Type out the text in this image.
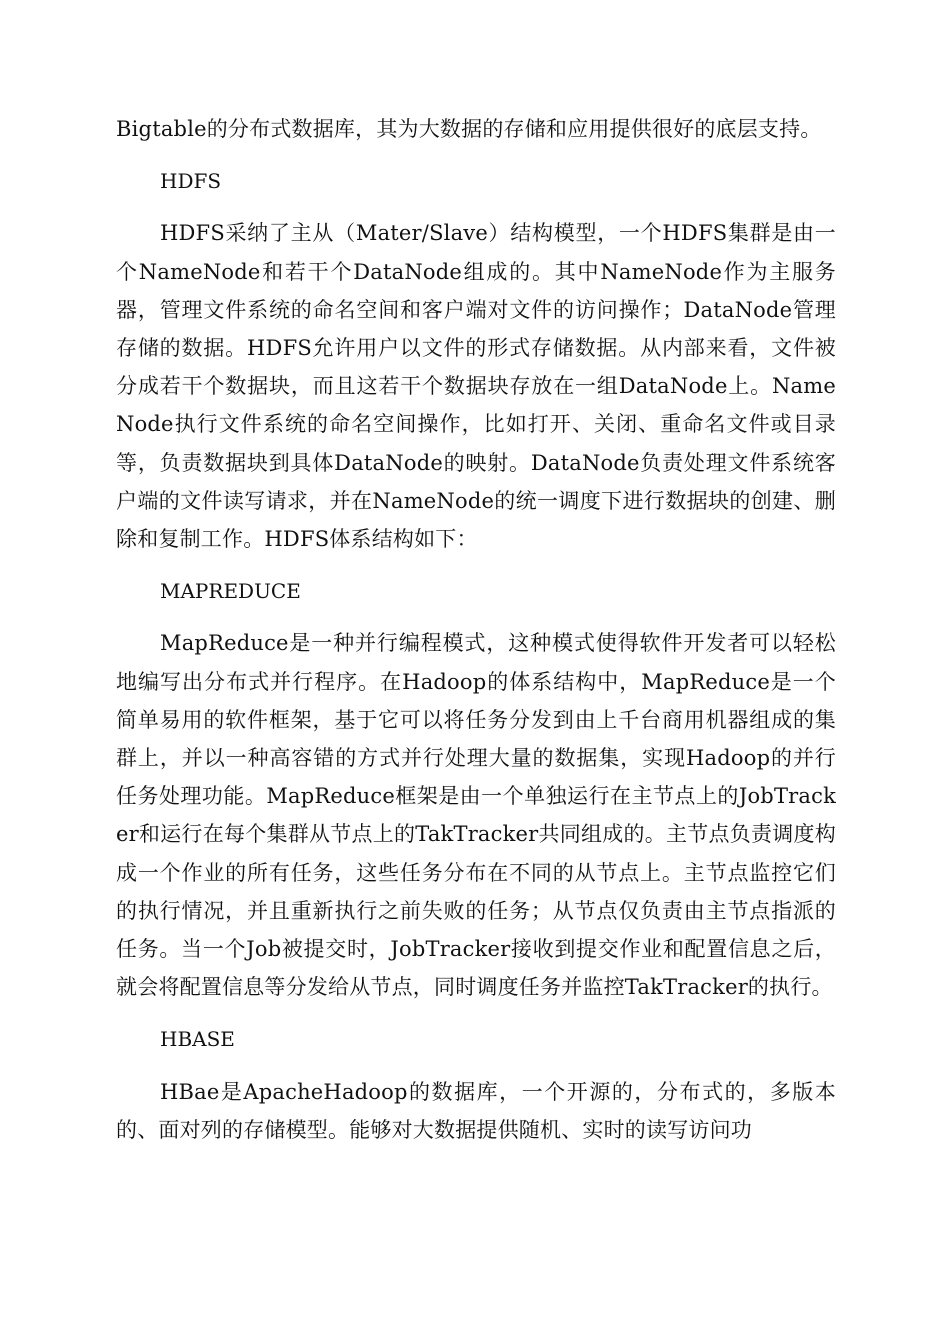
Bigtable的分布式数据库，其为大数据的存储和应用提供很好的底层支持。

HDFS

HDFS采纳了主从（Mater/Slave）结构模型，一个HDFS集群是由一个NameNode和若干个DataNode组成的。其中NameNode作为主服务器，管理文件系统的命名空间和客户端对文件的访问操作；DataNode管理存储的数据。HDFS允许用户以文件的形式存储数据。从内部来看，文件被分成若干个数据块，而且这若干个数据块存放在一组DataNode上。NameNode执行文件系统的命名空间操作，比如打开、关闭、重命名文件或目录等，负责数据块到具体DataNode的映射。DataNode负责处理文件系统客户端的文件读写请求，并在NameNode的统一调度下进行数据块的创建、删除和复制工作。HDFS体系结构如下：

MAPREDUCE

MapReduce是一种并行编程模式，这种模式使得软件开发者可以轻松地编写出分布式并行程序。在Hadoop的体系结构中，MapReduce是一个简单易用的软件框架，基于它可以将任务分发到由上千台商用机器组成的集群上，并以一种高容错的方式并行处理大量的数据集，实现Hadoop的并行任务处理功能。MapReduce框架是由一个单独运行在主节点上的JobTracker和运行在每个集群从节点上的TakTracker共同组成的。主节点负责调度构成一个作业的所有任务，这些任务分布在不同的从节点上。主节点监控它们的执行情况，并且重新执行之前失败的任务；从节点仅负责由主节点指派的任务。当一个Job被提交时，JobTracker接收到提交作业和配置信息之后，就会将配置信息等分发给从节点，同时调度任务并监控TakTracker的执行。

HBASE

HBae是ApacheHadoop的数据库，一个开源的，分布式的，多版本的、面对列的存储模型。能够对大数据提供随机、实时的读写访问功
